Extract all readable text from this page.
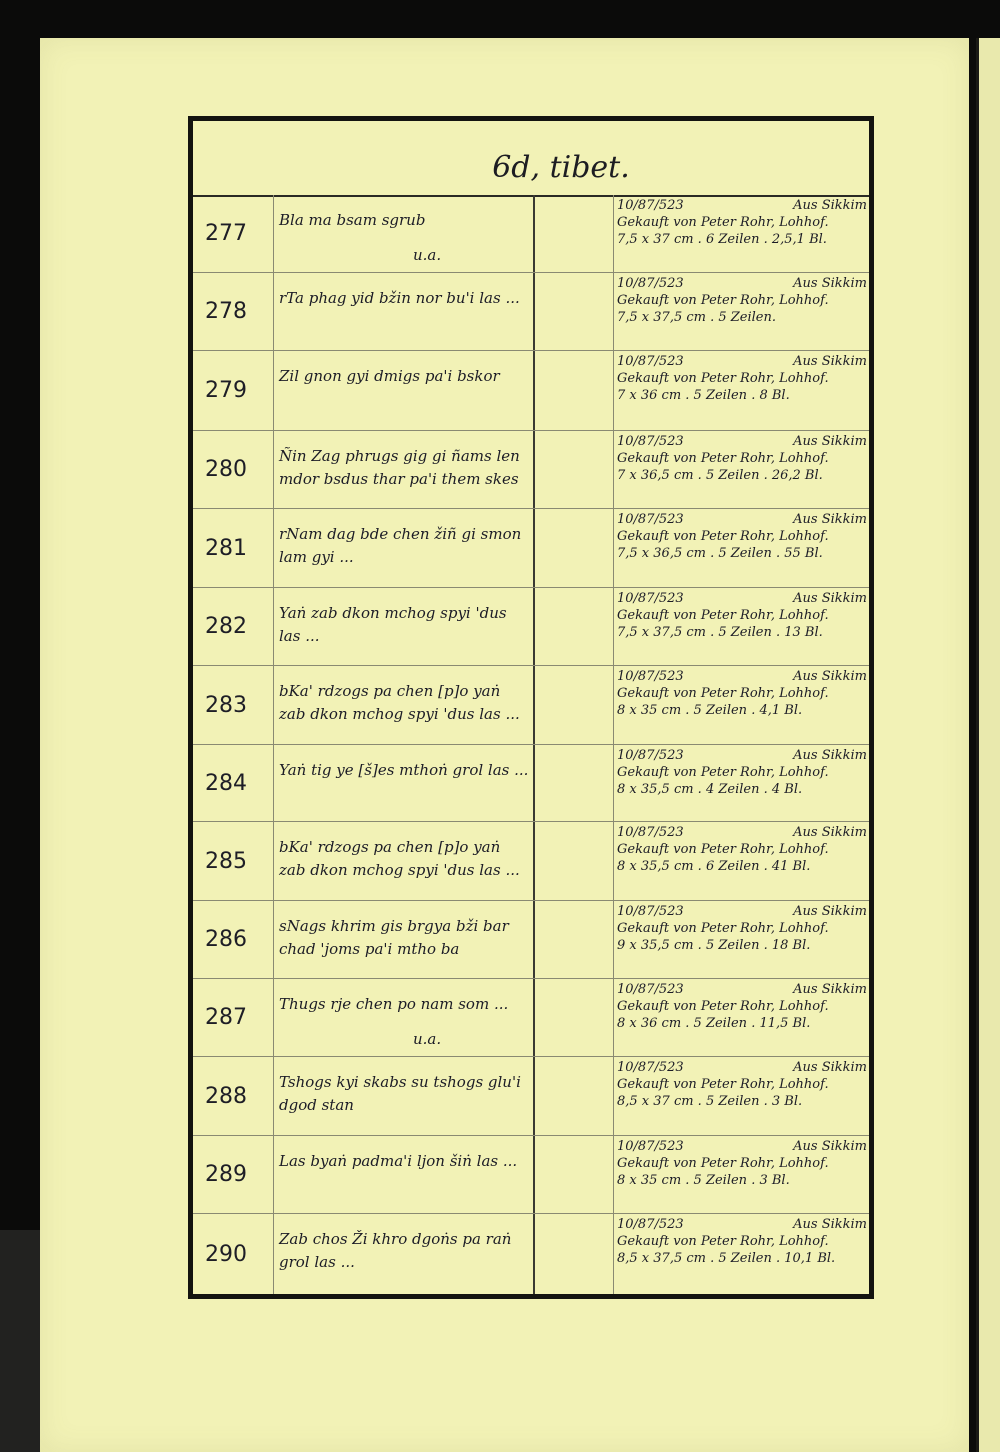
6d, tibet.
277
Bla ma bsam sgrub
u.a.
10/87/523	Aus Sikkim
Gekauft von Peter Rohr, Lohhof.
7,5 x 37 cm . 6 Zeilen . 2,5,1 Bl.
278
rTa phag yid bžin nor bu'i las ...
10/87/523	Aus Sikkim
Gekauft von Peter Rohr, Lohhof.
7,5 x 37,5 cm . 5 Zeilen.
279
Zil gnon gyi dmigs pa'i bskor
10/87/523	Aus Sikkim
Gekauft von Peter Rohr, Lohhof.
7 x 36 cm . 5 Zeilen . 8 Bl.
280
Ñin Zag phrugs gig gi ñams len mdor bsdus thar pa'i them skes
10/87/523	Aus Sikkim
Gekauft von Peter Rohr, Lohhof.
7 x 36,5 cm . 5 Zeilen . 26,2 Bl.
281
rNam dag bde chen žiñ gi smon lam gyi ...
10/87/523	Aus Sikkim
Gekauft von Peter Rohr, Lohhof.
7,5 x 36,5 cm . 5 Zeilen . 55 Bl.
282
Yaṅ zab dkon mchog spyi 'dus las ...
10/87/523	Aus Sikkim
Gekauft von Peter Rohr, Lohhof.
7,5 x 37,5 cm . 5 Zeilen . 13 Bl.
283
bKa' rdzogs pa chen [p]o yaṅ zab dkon mchog spyi 'dus las ...
10/87/523	Aus Sikkim
Gekauft von Peter Rohr, Lohhof.
8 x 35 cm . 5 Zeilen . 4,1 Bl.
284
Yaṅ tig ye [š]es mthoṅ grol las ...
10/87/523	Aus Sikkim
Gekauft von Peter Rohr, Lohhof.
8 x 35,5 cm . 4 Zeilen . 4 Bl.
285
bKa' rdzogs pa chen [p]o yaṅ zab dkon mchog spyi 'dus las ...
10/87/523	Aus Sikkim
Gekauft von Peter Rohr, Lohhof.
8 x 35,5 cm . 6 Zeilen . 41 Bl.
286
sNags khrim gis brgya bži bar chad 'joms pa'i mtho ba
10/87/523	Aus Sikkim
Gekauft von Peter Rohr, Lohhof.
9 x 35,5 cm . 5 Zeilen . 18 Bl.
287
Thugs rje chen po nam som ...
u.a.
10/87/523	Aus Sikkim
Gekauft von Peter Rohr, Lohhof.
8 x 36 cm . 5 Zeilen . 11,5 Bl.
288
Tshogs kyi skabs su tshogs glu'i dgod stan
10/87/523	Aus Sikkim
Gekauft von Peter Rohr, Lohhof.
8,5 x 37 cm . 5 Zeilen . 3 Bl.
289
Las byaṅ padma'i ljon šiṅ las ...
10/87/523	Aus Sikkim
Gekauft von Peter Rohr, Lohhof.
8 x 35 cm . 5 Zeilen . 3 Bl.
290
Zab chos Ži khro dgoṅs pa raṅ grol las ...
10/87/523	Aus Sikkim
Gekauft von Peter Rohr, Lohhof.
8,5 x 37,5 cm . 5 Zeilen . 10,1 Bl.
